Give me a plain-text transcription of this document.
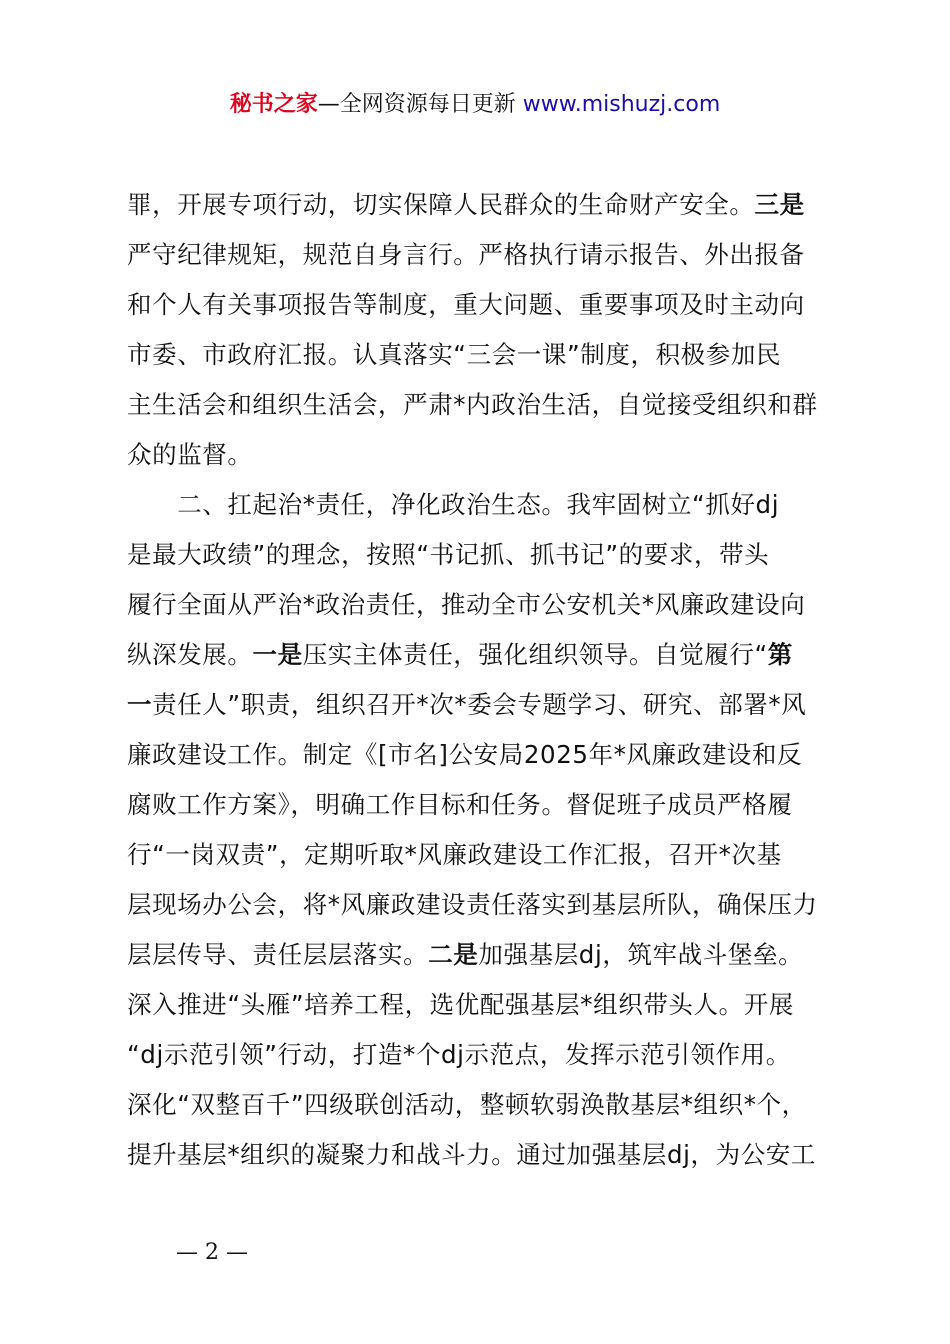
秘书之家—全网资源每日更新 www.mishuzj.com
罪，开展专项行动，切实保障人民群众的生命财产安全。三是
严守纪律规矩，规范自身言行。严格执行请示报告、外出报备
和个人有关事项报告等制度，重大问题、重要事项及时主动向
市委、市政府汇报。认真落实“三会一课”制度，积极参加民
主生活会和组织生活会，严肃*内政治生活，自觉接受组织和群
众的监督。
　　二、扛起治*责任，净化政治生态。我牢固树立“抓好dj
是最大政绩”的理念，按照“书记抓、抓书记”的要求，带头
履行全面从严治*政治责任，推动全市公安机关*风廉政建设向
纵深发展。一是压实主体责任，强化组织领导。自觉履行“第
一责任人”职责，组织召开*次*委会专题学习、研究、部署*风
廉政建设工作。制定《[市名]公安局2025年*风廉政建设和反
腐败工作方案》，明确工作目标和任务。督促班子成员严格履
行“一岗双责”，定期听取*风廉政建设工作汇报，召开*次基
层现场办公会，将*风廉政建设责任落实到基层所队，确保压力
层层传导、责任层层落实。二是加强基层dj，筑牢战斗堡垒。
深入推进“头雁”培养工程，选优配强基层*组织带头人。开展
“dj示范引领”行动，打造*个dj示范点，发挥示范引领作用。
深化“双整百千”四级联创活动，整顿软弱涣散基层*组织*个，
提升基层*组织的凝聚力和战斗力。通过加强基层dj，为公安工
— 2 —
